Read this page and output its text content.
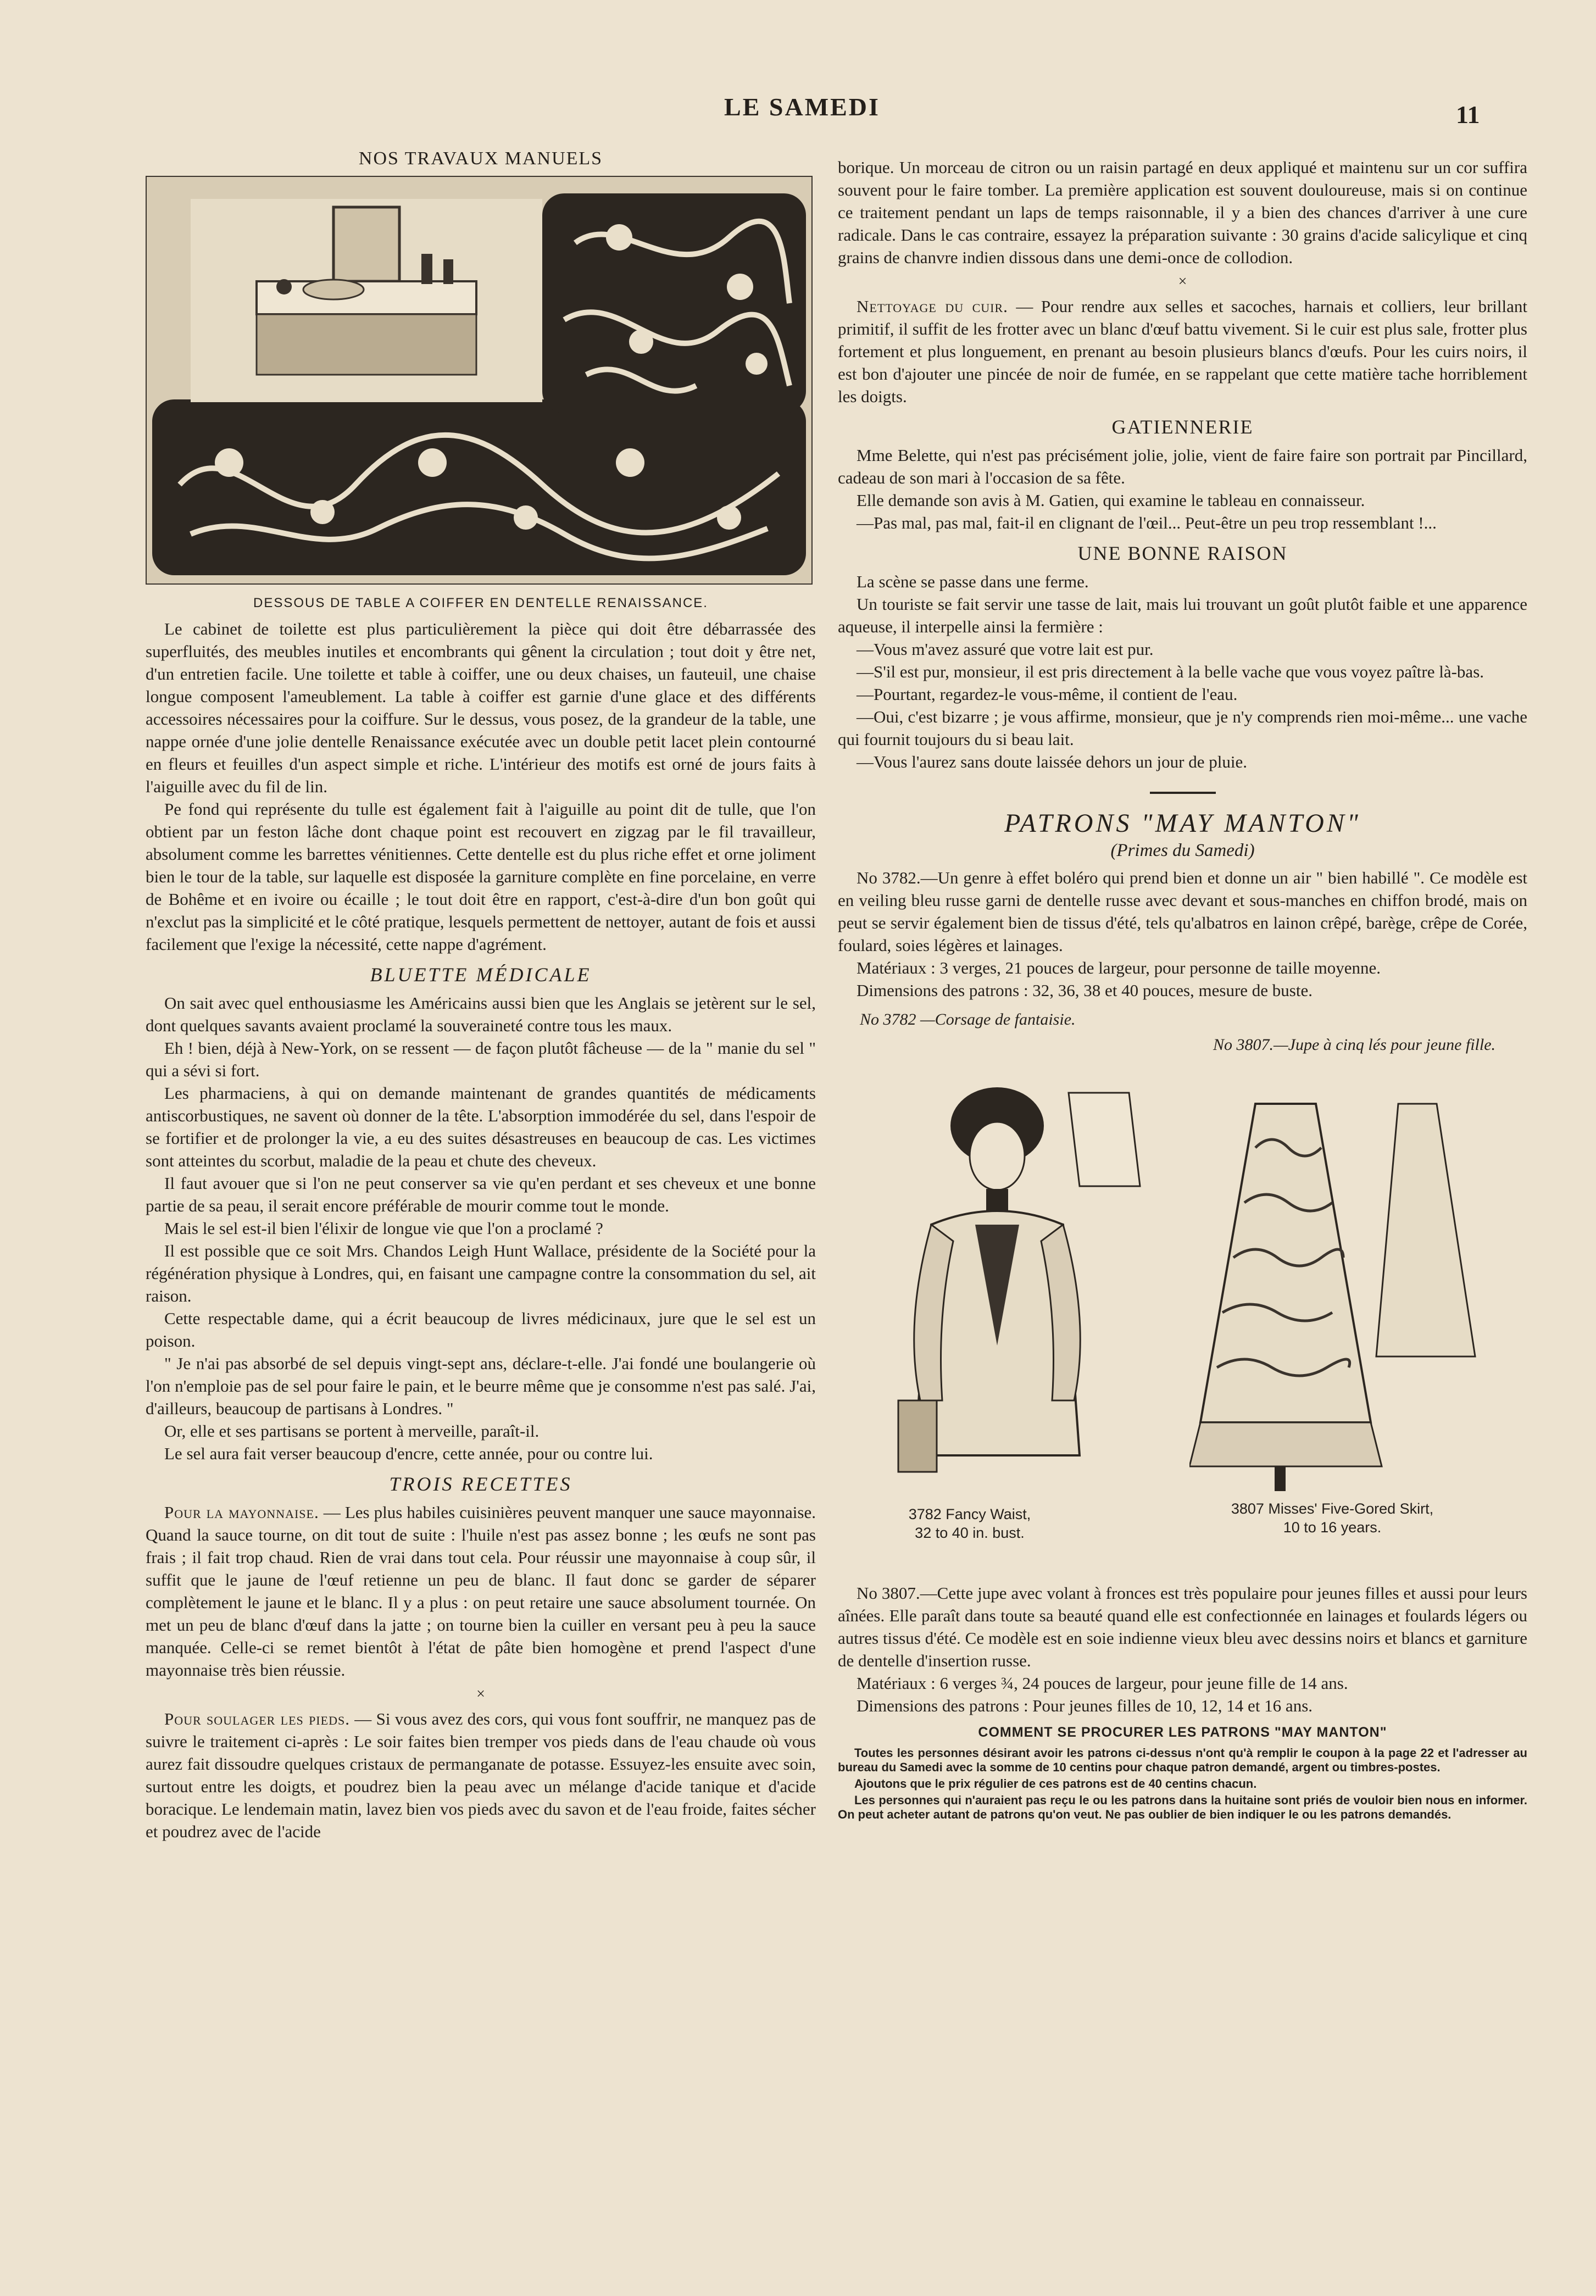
LE SAMEDI	11
NOS TRAVAUX MANUELS
DESSOUS DE TABLE A COIFFER EN DENTELLE RENAISSANCE.

Le cabinet de toilette est plus particulièrement la pièce qui doit être débarrassée des superfluités, des meubles inutiles et encombrants qui gênent la circulation ; tout doit y être net, d'un entretien facile. Une toilette et table à coiffer, une ou deux chaises, un fauteuil, une chaise longue composent l'ameublement. La table à coiffer est garnie d'une glace et des différents accessoires nécessaires pour la coiffure. Sur le dessus, vous posez, de la grandeur de la table, une nappe ornée d'une jolie dentelle Renaissance exécutée avec un double petit lacet plein contourné en fleurs et feuilles d'un aspect simple et riche. L'intérieur des motifs est orné de jours faits à l'aiguille avec du fil de lin.

Pe fond qui représente du tulle est également fait à l'aiguille au point dit de tulle, que l'on obtient par un feston lâche dont chaque point est recouvert en zigzag par le fil travailleur, absolument comme les barrettes vénitiennes. Cette dentelle est du plus riche effet et orne joliment bien le tour de la table, sur laquelle est disposée la garniture complète en fine porcelaine, en verre de Bohême et en ivoire ou écaille ; le tout doit être en rapport, c'est-à-dire d'un bon goût qui n'exclut pas la simplicité et le côté pratique, lesquels permettent de nettoyer, autant de fois et aussi facilement que l'exige la nécessité, cette nappe d'agrément.

BLUETTE MÉDICALE

On sait avec quel enthousiasme les Américains aussi bien que les Anglais se jetèrent sur le sel, dont quelques savants avaient proclamé la souveraineté contre tous les maux.

Eh ! bien, déjà à New-York, on se ressent — de façon plutôt fâcheuse — de la " manie du sel " qui a sévi si fort.

Les pharmaciens, à qui on demande maintenant de grandes quantités de médicaments antiscorbustiques, ne savent où donner de la tête. L'absorption immodérée du sel, dans l'espoir de se fortifier et de prolonger la vie, a eu des suites désastreuses en beaucoup de cas. Les victimes sont atteintes du scorbut, maladie de la peau et chute des cheveux.

Il faut avouer que si l'on ne peut conserver sa vie qu'en perdant et ses cheveux et une bonne partie de sa peau, il serait encore préférable de mourir comme tout le monde.

Mais le sel est-il bien l'élixir de longue vie que l'on a proclamé ?

Il est possible que ce soit Mrs. Chandos Leigh Hunt Wallace, présidente de la Société pour la régénération physique à Londres, qui, en faisant une campagne contre la consommation du sel, ait raison.

Cette respectable dame, qui a écrit beaucoup de livres médicinaux, jure que le sel est un poison.

" Je n'ai pas absorbé de sel depuis vingt-sept ans, déclare-t-elle. J'ai fondé une boulangerie où l'on n'emploie pas de sel pour faire le pain, et le beurre même que je consomme n'est pas salé. J'ai, d'ailleurs, beaucoup de partisans à Londres. "

Or, elle et ses partisans se portent à merveille, paraît-il.

Le sel aura fait verser beaucoup d'encre, cette année, pour ou contre lui.

TROIS RECETTES

Pour la mayonnaise. — Les plus habiles cuisinières peuvent manquer une sauce mayonnaise. Quand la sauce tourne, on dit tout de suite : l'huile n'est pas assez bonne ; les œufs ne sont pas frais ; il fait trop chaud. Rien de vrai dans tout cela. Pour réussir une mayonnaise à coup sûr, il suffit que le jaune de l'œuf retienne un peu de blanc. Il faut donc se garder de séparer complètement le jaune et le blanc. Il y a plus : on peut retaire une sauce absolument tournée. On met un peu de blanc d'œuf dans la jatte ; on tourne bien la cuiller en versant peu à peu la sauce manquée. Celle-ci se remet bientôt à l'état de pâte bien homogène et prend l'aspect d'une mayonnaise très bien réussie.

×

Pour soulager les pieds. — Si vous avez des cors, qui vous font souffrir, ne manquez pas de suivre le traitement ci-après : Le soir faites bien tremper vos pieds dans de l'eau chaude où vous aurez fait dissoudre quelques cristaux de permanganate de potasse. Essuyez-les ensuite avec soin, surtout entre les doigts, et poudrez bien la peau avec un mélange d'acide tanique et d'acide boracique. Le lendemain matin, lavez bien vos pieds avec du savon et de l'eau froide, faites sécher et poudrez avec de l'acide

borique. Un morceau de citron ou un raisin partagé en deux appliqué et maintenu sur un cor suffira souvent pour le faire tomber. La première application est souvent douloureuse, mais si on continue ce traitement pendant un laps de temps raisonnable, il y a bien des chances d'arriver à une cure radicale. Dans le cas contraire, essayez la préparation suivante : 30 grains d'acide salicylique et cinq grains de chanvre indien dissous dans une demi-once de collodion.

×

Nettoyage du cuir. — Pour rendre aux selles et sacoches, harnais et colliers, leur brillant primitif, il suffit de les frotter avec un blanc d'œuf battu vivement. Si le cuir est plus sale, frotter plus fortement et plus longuement, en prenant au besoin plusieurs blancs d'œufs. Pour les cuirs noirs, il est bon d'ajouter une pincée de noir de fumée, en se rappelant que cette matière tache horriblement les doigts.

GATIENNERIE

Mme Belette, qui n'est pas précisément jolie, jolie, vient de faire faire son portrait par Pincillard, cadeau de son mari à l'occasion de sa fête.

Elle demande son avis à M. Gatien, qui examine le tableau en connaisseur.

—Pas mal, pas mal, fait-il en clignant de l'œil... Peut-être un peu trop ressemblant !...

UNE BONNE RAISON

La scène se passe dans une ferme.

Un touriste se fait servir une tasse de lait, mais lui trouvant un goût plutôt faible et une apparence aqueuse, il interpelle ainsi la fermière :

—Vous m'avez assuré que votre lait est pur.

—S'il est pur, monsieur, il est pris directement à la belle vache que vous voyez paître là-bas.

—Pourtant, regardez-le vous-même, il contient de l'eau.

—Oui, c'est bizarre ; je vous affirme, monsieur, que je n'y comprends rien moi-même... une vache qui fournit toujours du si beau lait.

—Vous l'aurez sans doute laissée dehors un jour de pluie.

PATRONS "MAY MANTON"
(Primes du Samedi)

No 3782.—Un genre à effet boléro qui prend bien et donne un air " bien habillé ". Ce modèle est en veiling bleu russe garni de dentelle russe avec devant et sous-manches en chiffon brodé, mais on peut se servir également bien de tissus d'été, tels qu'albatros en lainon crêpé, barège, crêpe de Corée, foulard, soies légères et lainages.

Matériaux : 3 verges, 21 pouces de largeur, pour personne de taille moyenne.

Dimensions des patrons : 32, 36, 38 et 40 pouces, mesure de buste.

No 3782 —Corsage de fantaisie.
No 3807.—Jupe à cinq lés pour jeune fille.
3782 Fancy Waist,
32 to 40 in. bust.
3807 Misses' Five-Gored Skirt,
10 to 16 years.

No 3807.—Cette jupe avec volant à fronces est très populaire pour jeunes filles et aussi pour leurs aînées. Elle paraît dans toute sa beauté quand elle est confectionnée en lainages et foulards légers ou autres tissus d'été. Ce modèle est en soie indienne vieux bleu avec dessins noirs et blancs et garniture de dentelle d'insertion russe.

Matériaux : 6 verges ¾, 24 pouces de largeur, pour jeune fille de 14 ans.

Dimensions des patrons : Pour jeunes filles de 10, 12, 14 et 16 ans.

COMMENT SE PROCURER LES PATRONS "MAY MANTON"

Toutes les personnes désirant avoir les patrons ci-dessus n'ont qu'à remplir le coupon à la page 22 et l'adresser au bureau du Samedi avec la somme de 10 centins pour chaque patron demandé, argent ou timbres-postes.

Ajoutons que le prix régulier de ces patrons est de 40 centins chacun.

Les personnes qui n'auraient pas reçu le ou les patrons dans la huitaine sont priés de vouloir bien nous en informer. On peut acheter autant de patrons qu'on veut. Ne pas oublier de bien indiquer le ou les patrons demandés.
